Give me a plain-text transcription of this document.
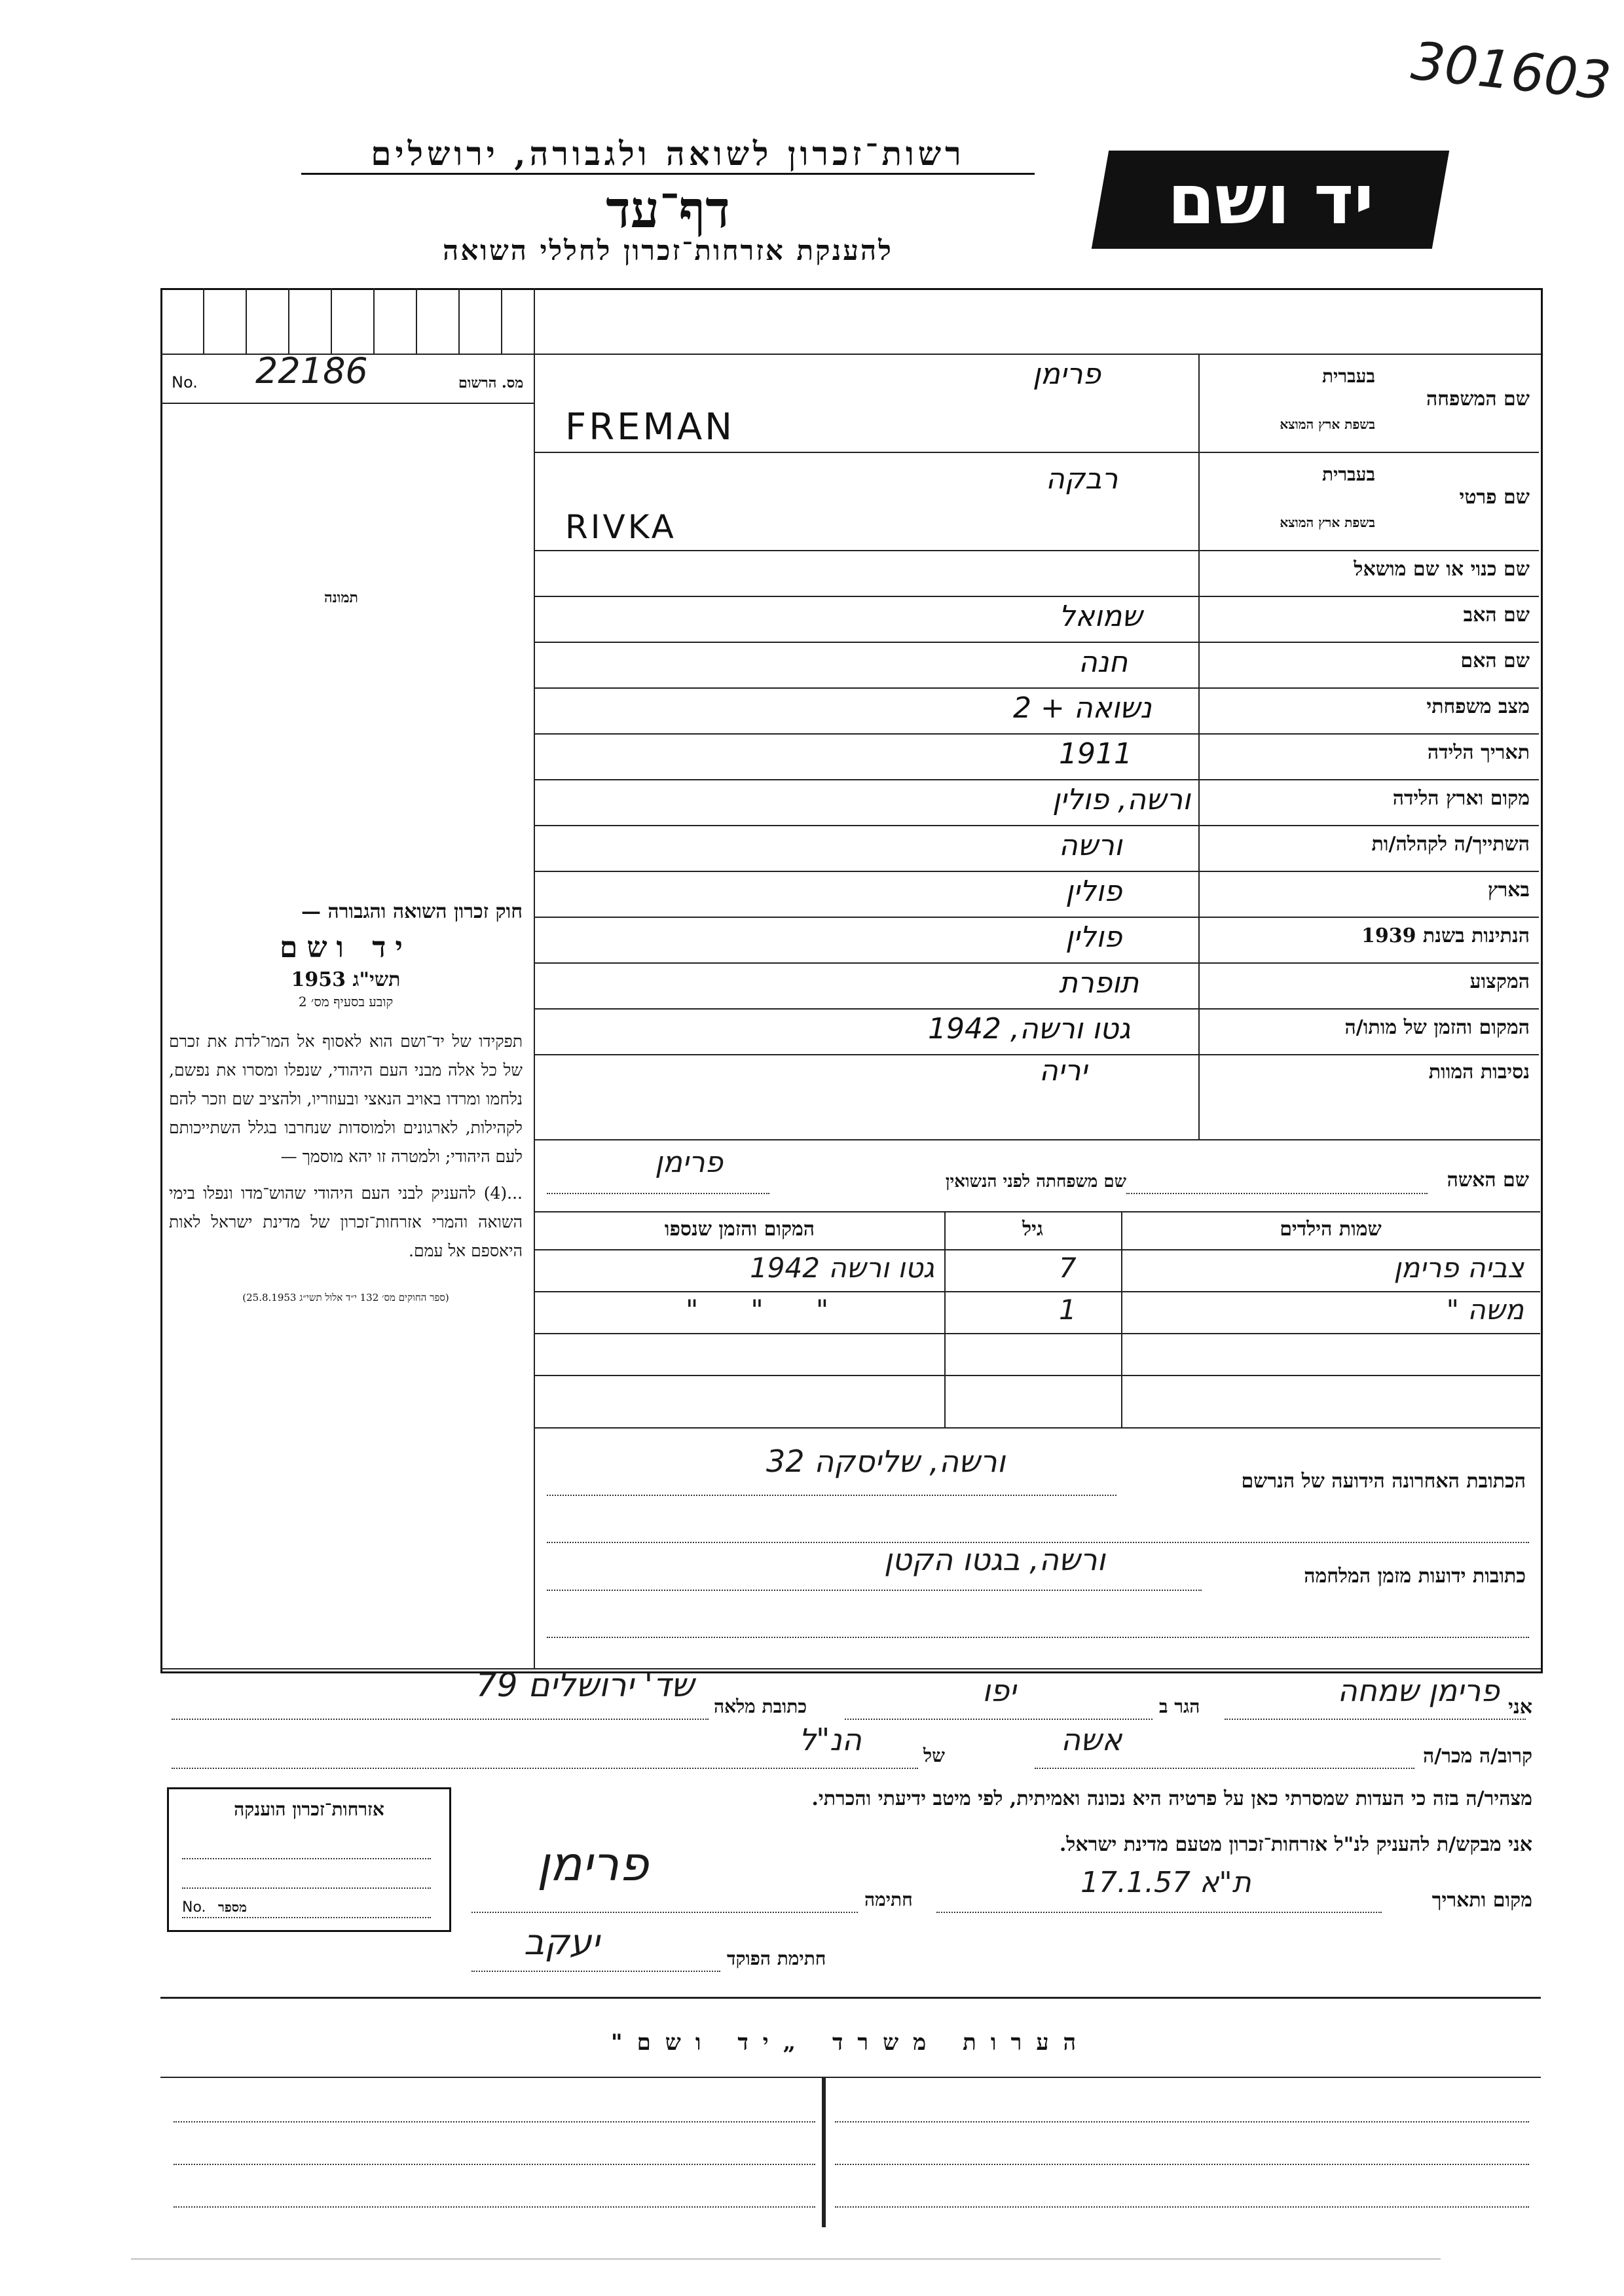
301603
רשות־זכרון לשואה ולגבורה, ירושלים
דף־עד
להענקת אזרחות־זכרון לחללי השואה
יד ושם
No. 22186	מס. הרשום
תמונה
בעברית
שם המשפחה
בשפת ארץ המוצא
פרימן
FREMAN
בעברית
שם פרטי
בשפת ארץ המוצא
רבקה
RIVKA
שם כנוי או שם מושאל
שם האב
שמואל
שם האם
חנה
מצב משפחתי
נשואה + 2
תאריך הלידה
1911
מקום וארץ הלידה
ורשה, פולין
השתייך/ה לקהלה/ות
ורשה
בארץ
פולין
הנתינות בשנת 1939
פולין
המקצוע
תופרת
המקום והזמן של מותו/ה
גטו ורשה, 1942
נסיבות המוות
יריה
שם האשה
שם משפחתה לפני הנשואין
פרימן
שמות הילדים
גיל
המקום והזמן שנספו
צביה פרימן
7
גטו ורשה 1942
משה "
1
"      "      "
חוק זכרון השואה והגבורה —
יד ושם
תשי"ג 1953
קובע בסעיף מס׳ 2
תפקידו של יד־ושם הוא לאסוף אל המו־לדת את זכרם של כל אלה מבני העם היהודי, שנפלו ומסרו את נפשם, נלחמו ומרדו באויב הנאצי ובעוזריו, ולהציב שם וזכר להם לקהילות, לארגונים ולמוסדות שנחרבו בגלל השתייכותם לעם היהודי; ולמטרה זו יהא מוסמך —
...(4) להעניק לבני העם היהודי שהוש־מדו ונפלו בימי השואה והמרי אזרחות־זכרון של מדינת ישראל לאות היאספם אל עמם.
(ספר החוקים מס׳ 132 י״ד אלול תשי״ג 25.8.1953)
הכתובת האחרונה הידועה של הנרשם
ורשה, שליסקה 32
כתובות ידועות מזמן המלחמה
ורשה, בגטו הקטן
אני
פרימן שמחה
הגר ב
יפו
כתובת מלאה
שד' ירושלים 79
קרוב/ה מכר/ה
אשה
של
הנ"ל
מצהיר/ה בזה כי העדות שמסרתי כאן על פרטיה היא נכונה ואמיתית, לפי מיטב ידיעתי והכרתי.
אני מבקש/ת להעניק לנ"ל אזרחות־זכרון מטעם מדינת ישראל.
מקום ותאריך
ת"א 17.1.57
חתימה
פרימן
חתימת הפוקד
יעקב
אזרחות־זכרון הוענקה
No. מספר
הערות משרד „יד ושם"
